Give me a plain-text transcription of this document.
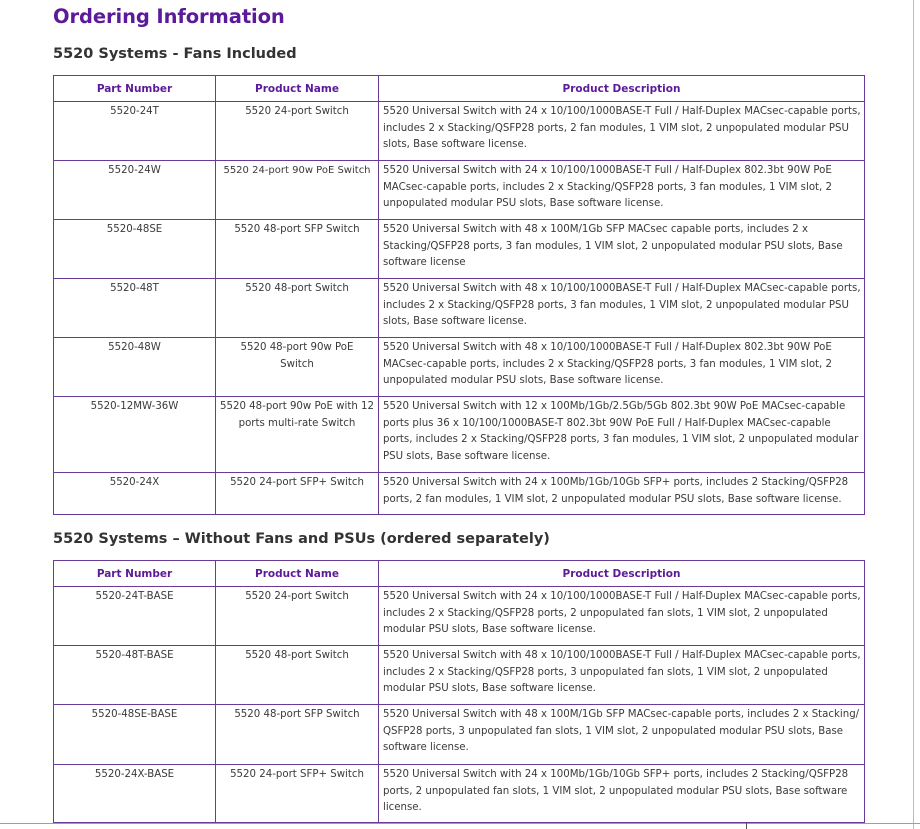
Ordering Information
5520 Systems - Fans Included
Part Number	Product Name	Product Description
5520-24T	5520 24-port Switch	5520 Universal Switch with 24 x 10/100/1000BASE-T Full / Half-Duplex MACsec-capable ports, includes 2 x Stacking/QSFP28 ports, 2 fan modules, 1 VIM slot, 2 unpopulated modular PSU slots, Base software license.
5520-24W	5520 24-port 90w PoE Switch	5520 Universal Switch with 24 x 10/100/1000BASE-T Full / Half-Duplex 802.3bt 90W PoE MACsec-capable ports, includes 2 x Stacking/QSFP28 ports, 3 fan modules, 1 VIM slot, 2 unpopulated modular PSU slots, Base software license.
5520-48SE	5520 48-port SFP Switch	5520 Universal Switch with 48 x 100M/1Gb SFP MACsec capable ports, includes 2 x Stacking/QSFP28 ports, 3 fan modules, 1 VIM slot, 2 unpopulated modular PSU slots, Base software license
5520-48T	5520 48-port Switch	5520 Universal Switch with 48 x 10/100/1000BASE-T Full / Half-Duplex MACsec-capable ports, includes 2 x Stacking/QSFP28 ports, 3 fan modules, 1 VIM slot, 2 unpopulated modular PSU slots, Base software license.
5520-48W	5520 48-port 90w PoE Switch	5520 Universal Switch with 48 x 10/100/1000BASE-T Full / Half-Duplex 802.3bt 90W PoE MACsec-capable ports, includes 2 x Stacking/QSFP28 ports, 3 fan modules, 1 VIM slot, 2 unpopulated modular PSU slots, Base software license.
5520-12MW-36W	5520 48-port 90w PoE with 12 ports multi-rate Switch	5520 Universal Switch with 12 x 100Mb/1Gb/2.5Gb/5Gb 802.3bt 90W PoE MACsec-capable ports plus 36 x 10/100/1000BASE-T 802.3bt 90W PoE Full / Half-Duplex MACsec-capable ports, includes 2 x Stacking/QSFP28 ports, 3 fan modules, 1 VIM slot, 2 unpopulated modular PSU slots, Base software license.
5520-24X	5520 24-port SFP+ Switch	5520 Universal Switch with 24 x 100Mb/1Gb/10Gb SFP+ ports, includes 2 Stacking/QSFP28 ports, 2 fan modules, 1 VIM slot, 2 unpopulated modular PSU slots, Base software license.
5520 Systems – Without Fans and PSUs (ordered separately)
Part Number	Product Name	Product Description
5520-24T-BASE	5520 24-port Switch	5520 Universal Switch with 24 x 10/100/1000BASE-T Full / Half-Duplex MACsec-capable ports, includes 2 x Stacking/QSFP28 ports, 2 unpopulated fan slots, 1 VIM slot, 2 unpopulated modular PSU slots, Base software license.
5520-48T-BASE	5520 48-port Switch	5520 Universal Switch with 48 x 10/100/1000BASE-T Full / Half-Duplex MACsec-capable ports, includes 2 x Stacking/QSFP28 ports, 3 unpopulated fan slots, 1 VIM slot, 2 unpopulated modular PSU slots, Base software license.
5520-48SE-BASE	5520 48-port SFP Switch	5520 Universal Switch with 48 x 100M/1Gb SFP MACsec-capable ports, includes 2 x Stacking/ QSFP28 ports, 3 unpopulated fan slots, 1 VIM slot, 2 unpopulated modular PSU slots, Base software license.
5520-24X-BASE	5520 24-port SFP+ Switch	5520 Universal Switch with 24 x 100Mb/1Gb/10Gb SFP+ ports, includes 2 Stacking/QSFP28 ports, 2 unpopulated fan slots, 1 VIM slot, 2 unpopulated modular PSU slots, Base software license.
